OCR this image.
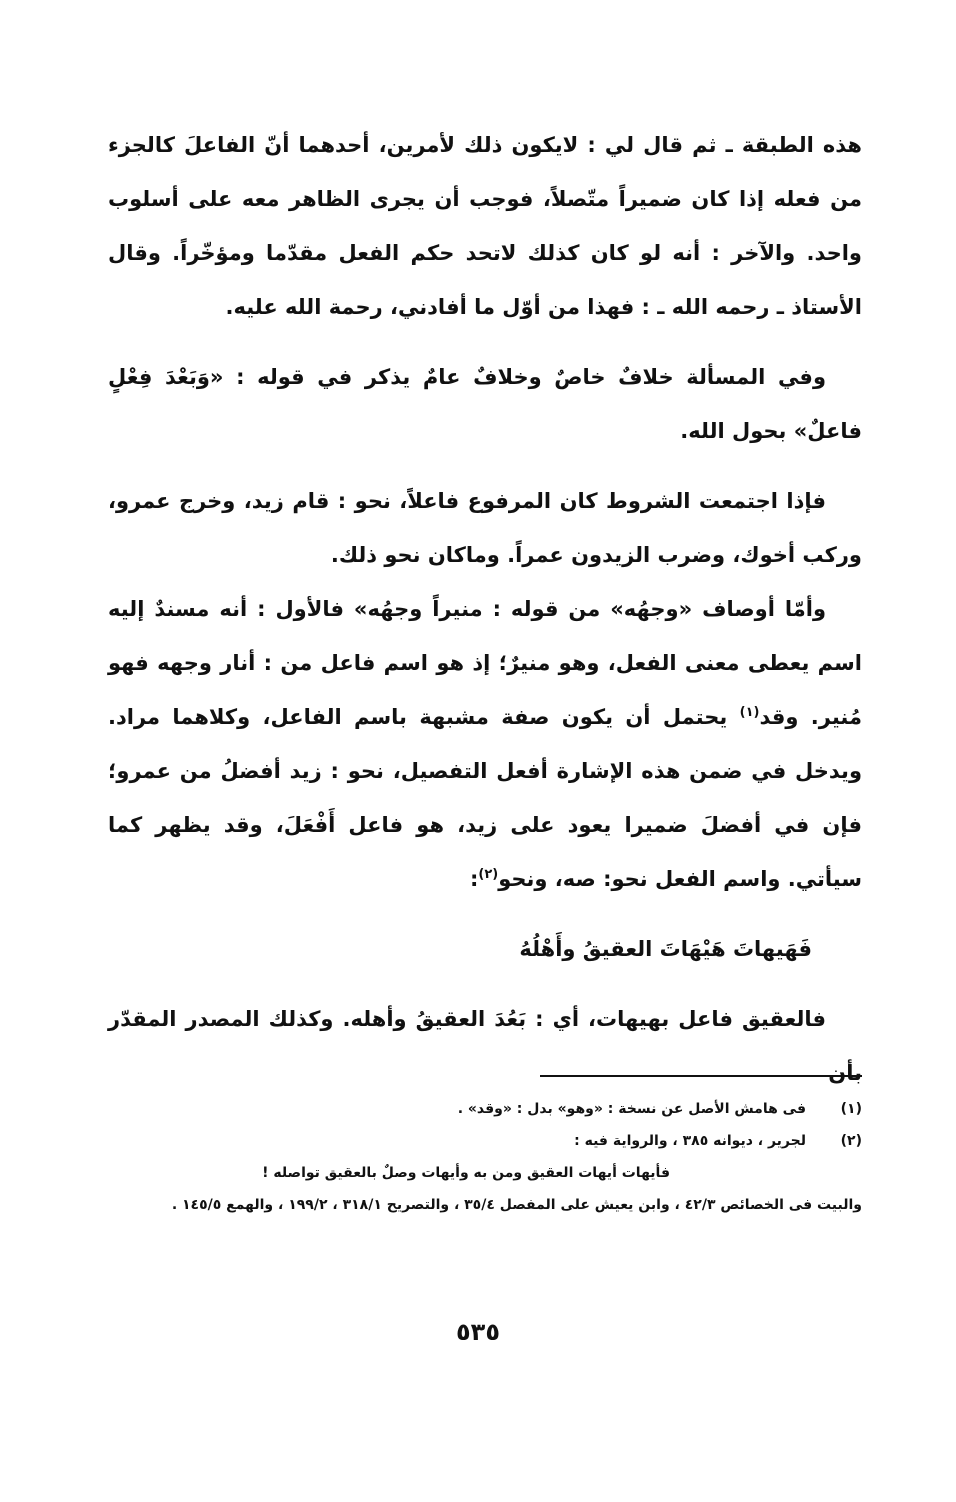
هذه الطبقة ـ ثم قال لي : لايكون ذلك لأمرين، أحدهما أنّ الفاعلَ كالجزء من فعله إذا كان ضميراً متّصلاً، فوجب أن يجرى الظاهر معه على أسلوب واحد. والآخر : أنه لو كان كذلك لاتحد حكم الفعل مقدّما ومؤخّراً. وقال الأستاذ ـ رحمه الله ـ : فهذا من أوّل ما أفادني، رحمة الله عليه.

وفي المسألة خلافٌ خاصٌ وخلافٌ عامٌ يذكر في قوله : «وَبَعْدَ فِعْلٍ فاعلٌ» بحول الله.

فإذا اجتمعت الشروط كان المرفوع فاعلاً، نحو : قام زيد، وخرج عمرو، وركب أخوك، وضرب الزيدون عمراً. وماكان نحو ذلك.

وأمّا أوصاف «وجهُه» من قوله : منيراً وجهُه» فالأول : أنه مسندٌ إليه اسم يعطى معنى الفعل، وهو منيرٌ؛ إذ هو اسم فاعل من : أنار وجهه فهو مُنير. وقد$^{(١)}$ يحتمل أن يكون صفة مشبهة باسم الفاعل، وكلاهما مراد. ويدخل في ضمن هذه الإشارة أفعل التفصيل، نحو : زيد أفضلُ من عمرو؛ فإن في أفضلَ ضميرا يعود على زيد، هو فاعل أَفْعَلَ، وقد يظهر كما سيأتي. واسم الفعل نحو: صه، ونحو$^{(٢)}$:

فَهَيهاتَ هَيْهَاتَ العقيقُ وأَهْلُهُ

فالعقيق فاعل بهيهات، أي : بَعُدَ العقيقُ وأهله. وكذلك المصدر المقدّر بأن

(١)
فى هامش الأصل عن نسخة : «وهو» بدل : «وقد» .
(٢)

لجرير ، ديوانه ٣٨٥ ، والرواية فيه :

فأيهات أيهات العقيق ومن به وأيهات وصلٌ بالعقيق تواصله !

والبيت فى الخصائص ٤٢/٣ ، وابن يعيش على المفصل ٣٥/٤ ، والتصريح ٣١٨/١ ، ١٩٩/٢ ، والهمع ١٤٥/٥ .

٥٣٥
